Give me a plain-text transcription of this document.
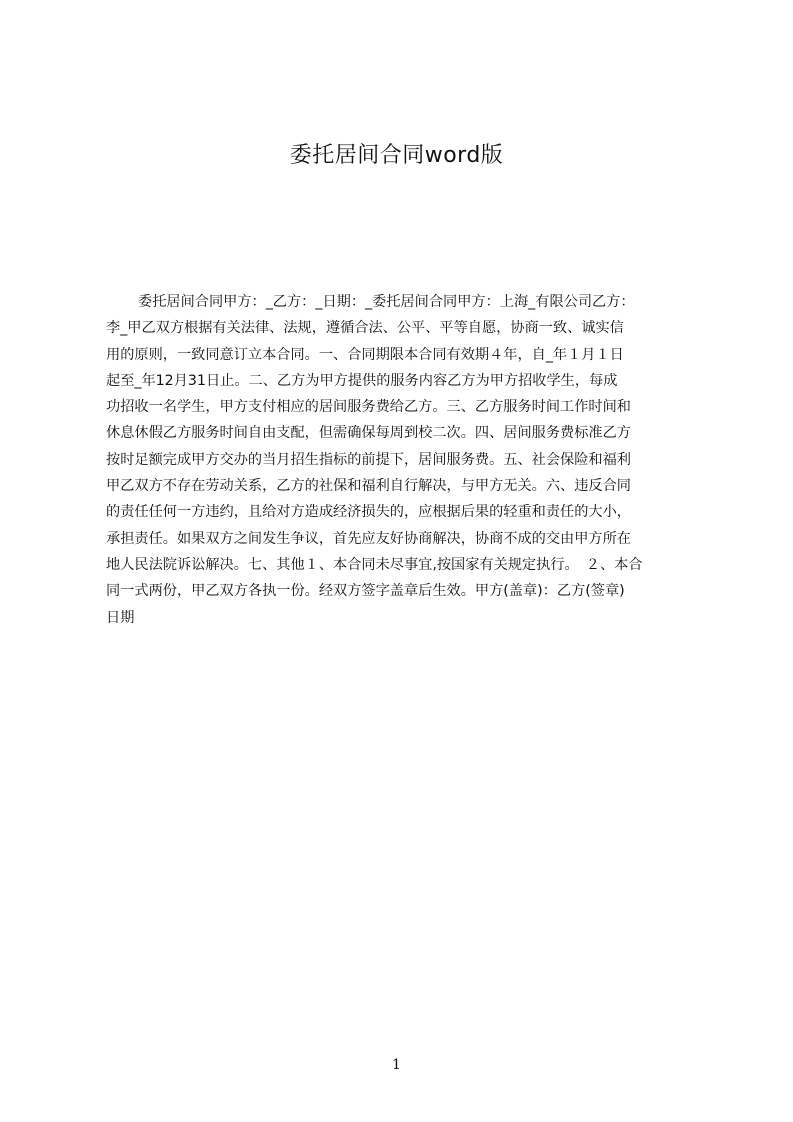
委托居间合同word版
委托居间合同甲方：_乙方：_日期：_委托居间合同甲方：上海_有限公司乙方：
李_甲乙双方根据有关法律、法规，遵循合法、公平、平等自愿，协商一致、诚实信
用的原则，一致同意订立本合同。一、合同期限本合同有效期４年，自_年１月１日
起至_年12月31日止。二、乙方为甲方提供的服务内容乙方为甲方招收学生，每成
功招收一名学生，甲方支付相应的居间服务费给乙方。三、乙方服务时间工作时间和
休息休假乙方服务时间自由支配，但需确保每周到校二次。四、居间服务费标准乙方
按时足额完成甲方交办的当月招生指标的前提下，居间服务费。五、社会保险和福利
甲乙双方不存在劳动关系，乙方的社保和福利自行解决，与甲方无关。六、违反合同
的责任任何一方违约，且给对方造成经济损失的，应根据后果的轻重和责任的大小，
承担责任。如果双方之间发生争议，首先应友好协商解决，协商不成的交由甲方所在
地人民法院诉讼解决。七、其他１、本合同未尽事宜,按国家有关规定执行。　２、本合
同一式两份，甲乙双方各执一份。经双方签字盖章后生效。甲方(盖章)：乙方(签章)
日期
1
